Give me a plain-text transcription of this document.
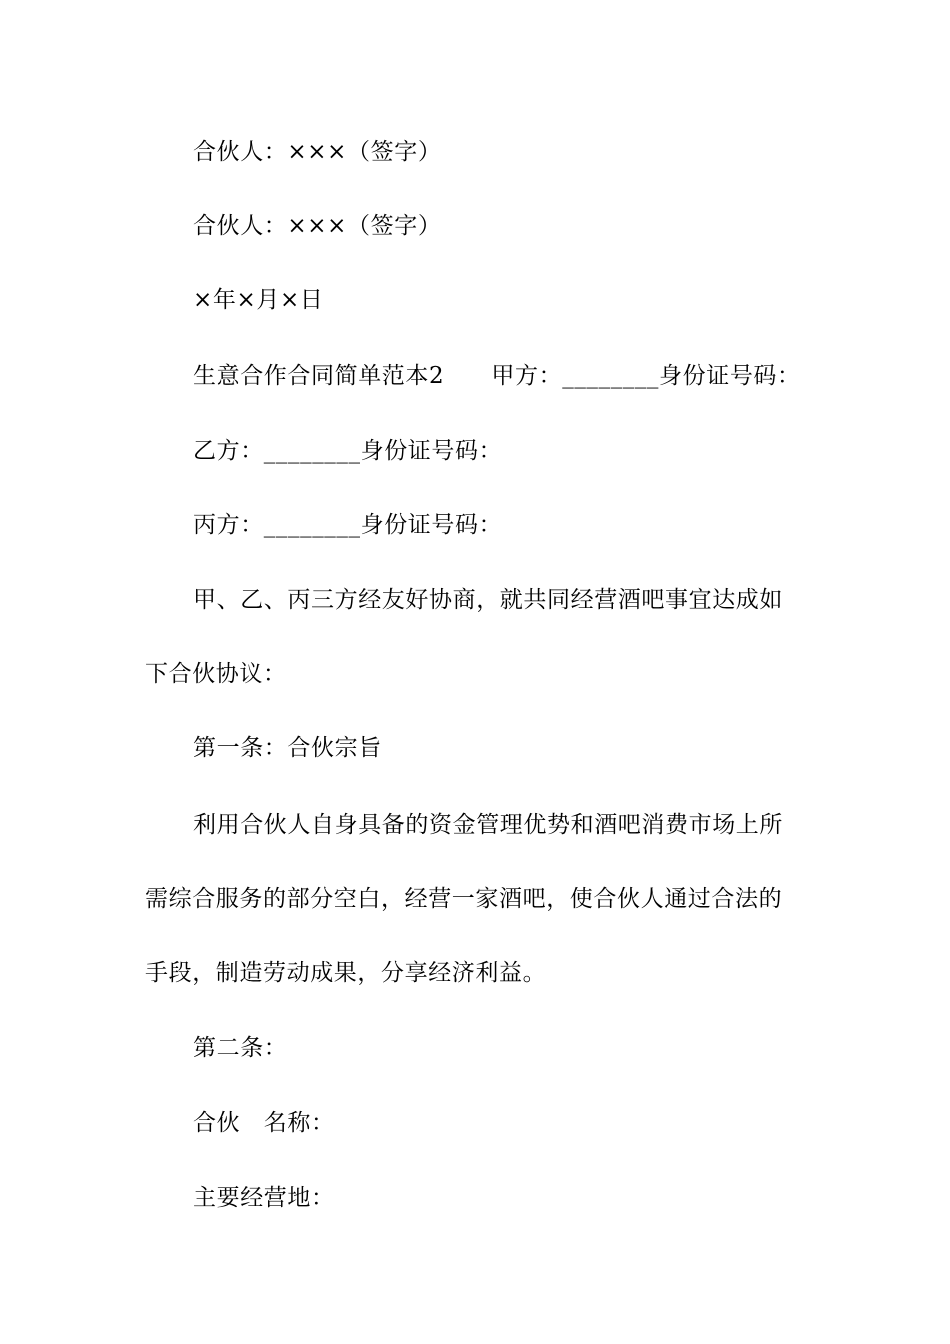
合伙人：×××（签字）
合伙人：×××（签字）
×年×月×日
生意合作合同简单范本2　　甲方：________身份证号码：
乙方：________身份证号码：
丙方：________身份证号码：
甲、乙、丙三方经友好协商，就共同经营酒吧事宜达成如
下合伙协议：
第一条：合伙宗旨
利用合伙人自身具备的资金管理优势和酒吧消费市场上所
需综合服务的部分空白，经营一家酒吧，使合伙人通过合法的
手段，制造劳动成果，分享经济利益。
第二条：
合伙　名称：
主要经营地：
